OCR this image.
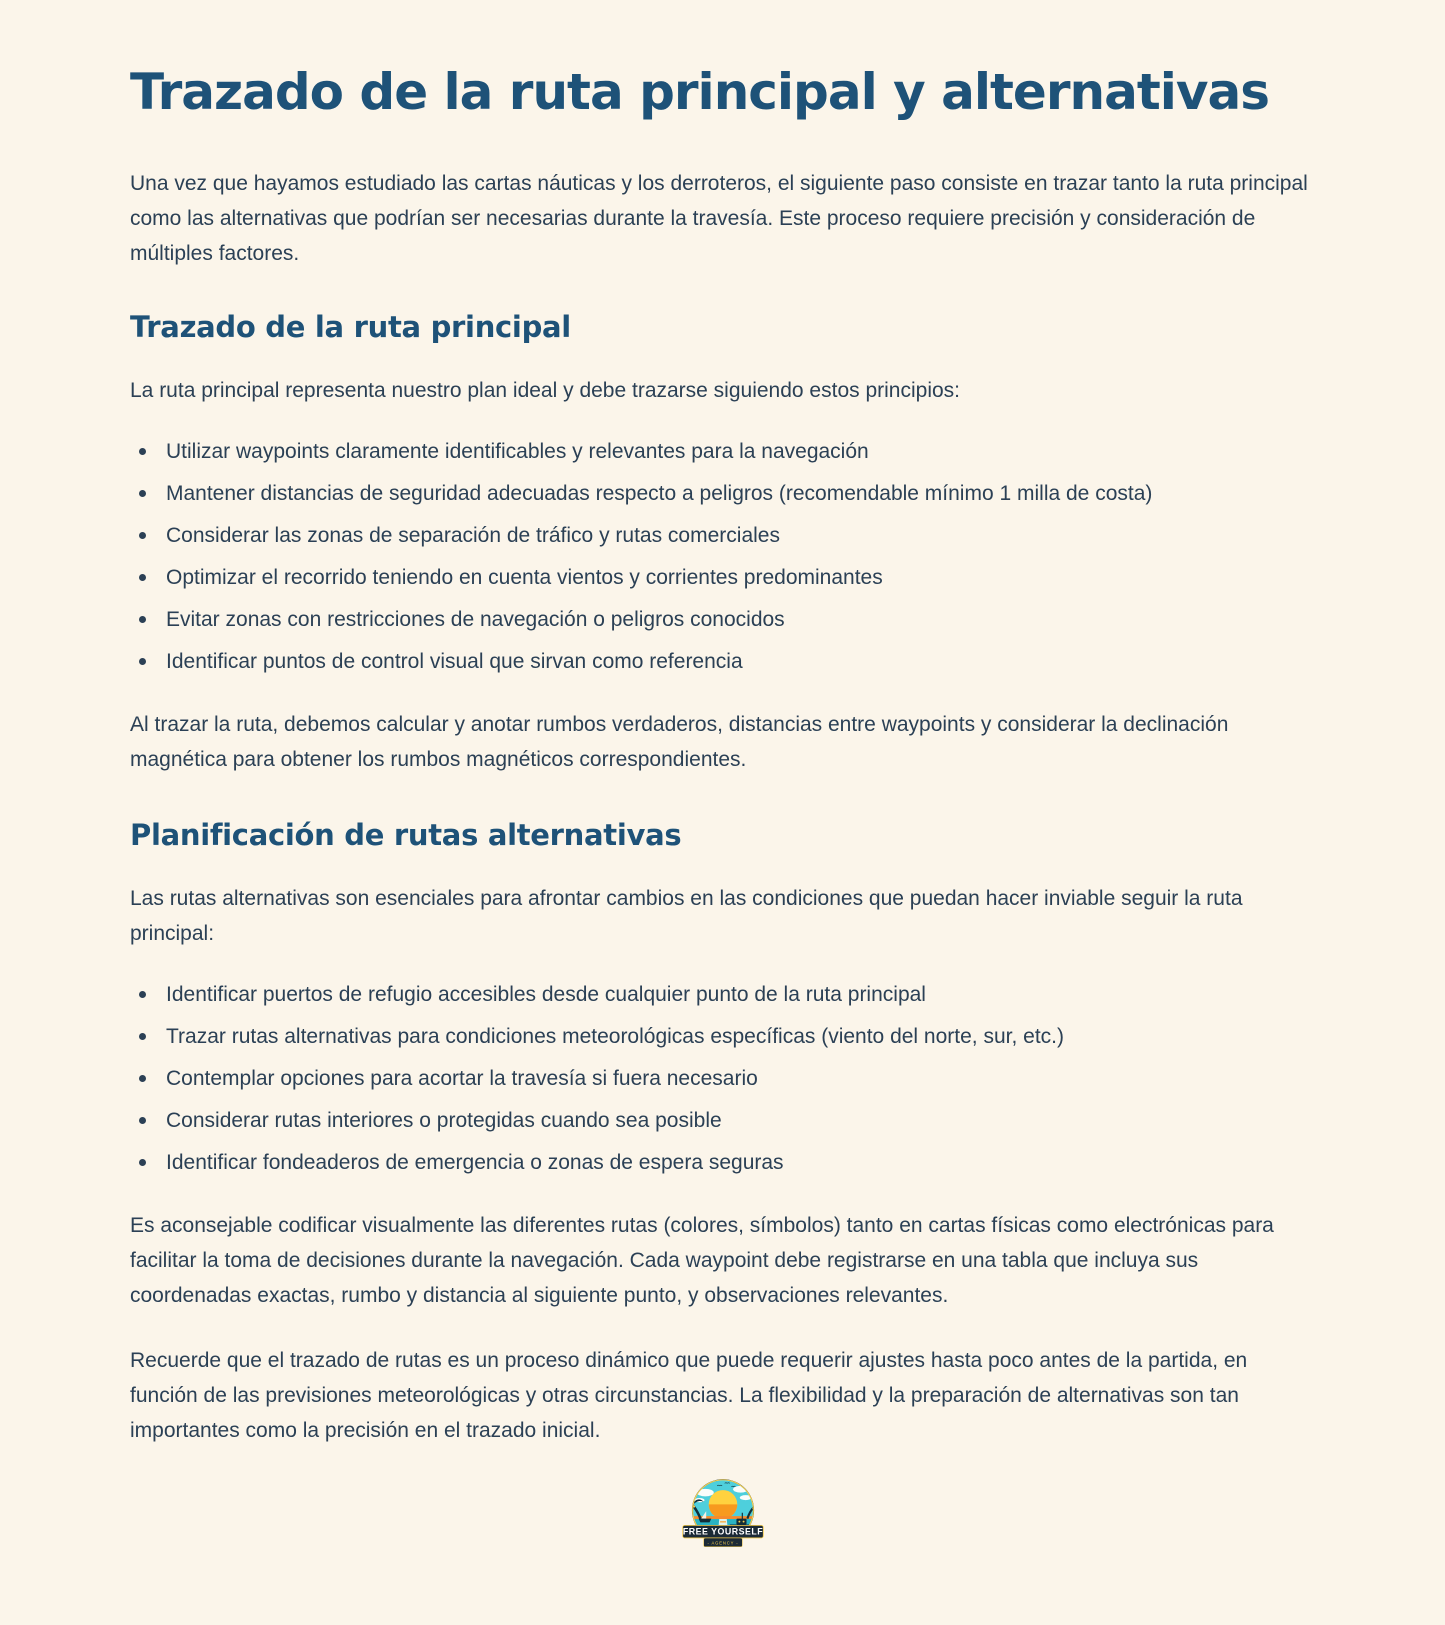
Trazado de la ruta principal y alternativas

Una vez que hayamos estudiado las cartas náuticas y los derroteros, el siguiente paso consiste en trazar tanto la ruta principal como las alternativas que podrían ser necesarias durante la travesía. Este proceso requiere precisión y consideración de múltiples factores.

Trazado de la ruta principal

La ruta principal representa nuestro plan ideal y debe trazarse siguiendo estos principios:

Utilizar waypoints claramente identificables y relevantes para la navegación
Mantener distancias de seguridad adecuadas respecto a peligros (recomendable mínimo 1 milla de costa)
Considerar las zonas de separación de tráfico y rutas comerciales
Optimizar el recorrido teniendo en cuenta vientos y corrientes predominantes
Evitar zonas con restricciones de navegación o peligros conocidos
Identificar puntos de control visual que sirvan como referencia

Al trazar la ruta, debemos calcular y anotar rumbos verdaderos, distancias entre waypoints y considerar la declinación magnética para obtener los rumbos magnéticos correspondientes.

Planificación de rutas alternativas

Las rutas alternativas son esenciales para afrontar cambios en las condiciones que puedan hacer inviable seguir la ruta principal:

Identificar puertos de refugio accesibles desde cualquier punto de la ruta principal
Trazar rutas alternativas para condiciones meteorológicas específicas (viento del norte, sur, etc.)
Contemplar opciones para acortar la travesía si fuera necesario
Considerar rutas interiores o protegidas cuando sea posible
Identificar fondeaderos de emergencia o zonas de espera seguras

Es aconsejable codificar visualmente las diferentes rutas (colores, símbolos) tanto en cartas físicas como electrónicas para facilitar la toma de decisiones durante la navegación. Cada waypoint debe registrarse en una tabla que incluya sus coordenadas exactas, rumbo y distancia al siguiente punto, y observaciones relevantes.

Recuerde que el trazado de rutas es un proceso dinámico que puede requerir ajustes hasta poco antes de la partida, en función de las previsiones meteorológicas y otras circunstancias. La flexibilidad y la preparación de alternativas son tan importantes como la precisión en el trazado inicial.

FREE YOURSELF
- AGENCY -
